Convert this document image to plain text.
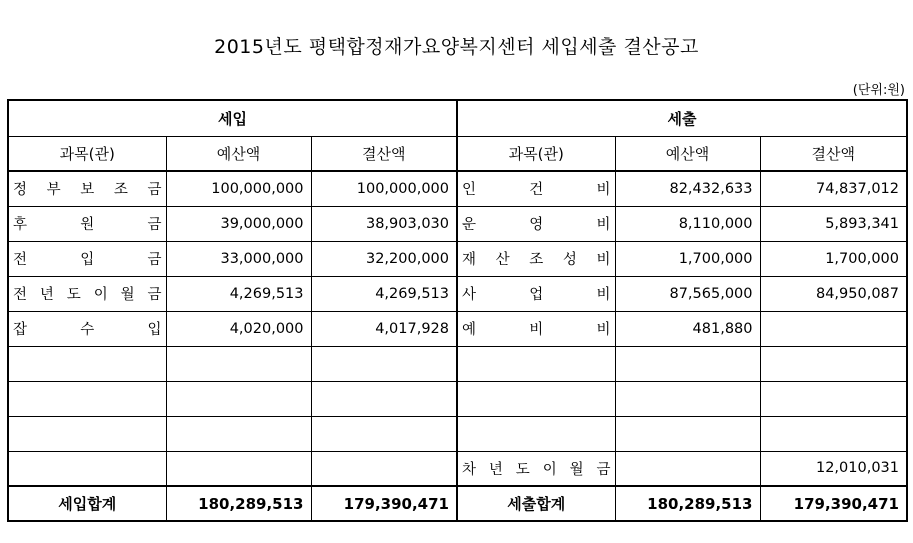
2015년도 평택합정재가요양복지센터 세입세출 결산공고
(단위:원)
세입			세출		
과목(관)	예산액	결산액	과목(관)	예산액	결산액
정 부 보 조 금	100,000,000	100,000,000	인 건 비	82,432,633	74,837,012
후 원 금	39,000,000	38,903,030	운 영 비	8,110,000	5,893,341
전 입 금	33,000,000	32,200,000	재 산 조 성 비	1,700,000	1,700,000
전 년 도 이 월 금	4,269,513	4,269,513	사 업 비	87,565,000	84,950,087
잡 수 입	4,020,000	4,017,928	예 비 비	481,880	

			차 년 도 이 월 금		12,010,031
세입합계	180,289,513	179,390,471	세출합계	180,289,513	179,390,471
